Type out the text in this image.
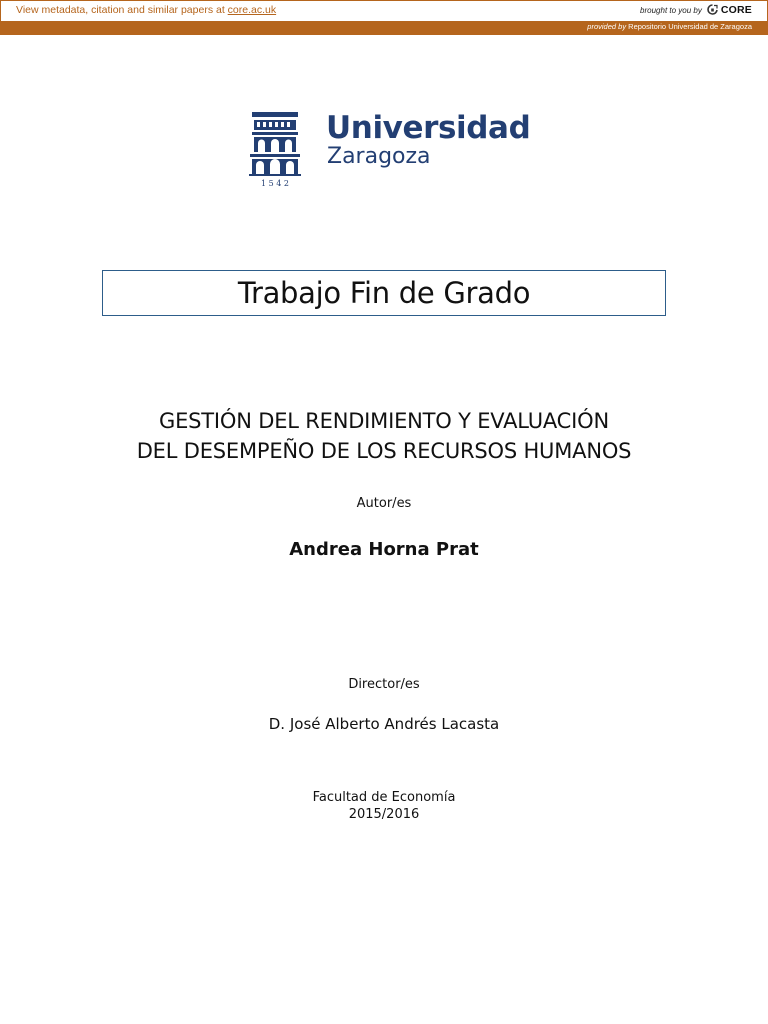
View metadata, citation and similar papers at core.ac.uk	brought to you by CORE
provided by Repositorio Universidad de Zaragoza
1 5 4 2
Universidad
Zaragoza
Trabajo Fin de Grado
GESTIÓN DEL RENDIMIENTO Y EVALUACIÓN
DEL DESEMPEÑO DE LOS RECURSOS HUMANOS
Autor/es
Andrea Horna Prat
Director/es
D. José Alberto Andrés Lacasta
Facultad de Economía
2015/2016
